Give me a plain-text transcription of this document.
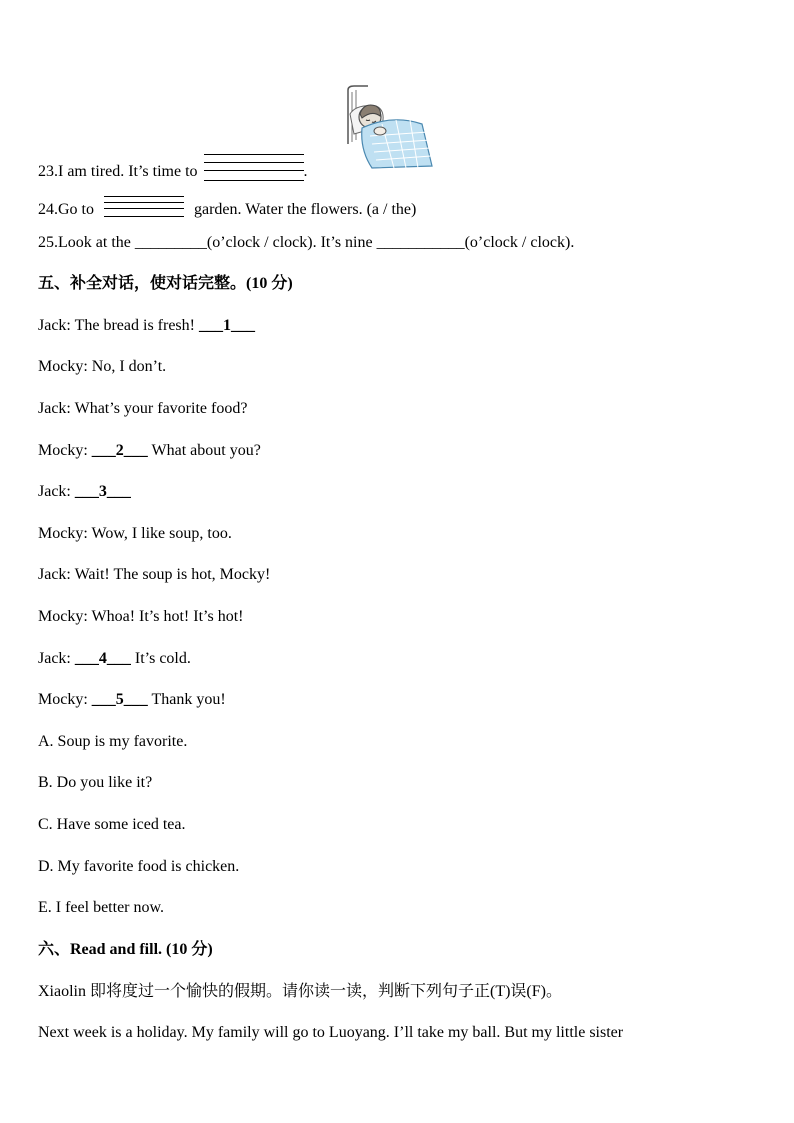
23.I am tired. It’s time to	.
24.Go to	garden. Water the flowers. (a / the)
25.Look at the _________(o’clock / clock). It’s nine ___________(o’clock / clock).
五、补全对话，使对话完整。(10 分)
Jack: The bread is fresh! ___1___
Mocky: No, I don’t.
Jack: What’s your favorite food?
Mocky: ___2___ What about you?
Jack: ___3___
Mocky: Wow, I like soup, too.
Jack: Wait! The soup is hot, Mocky!
Mocky: Whoa! It’s hot! It’s hot!
Jack: ___4___ It’s cold.
Mocky: ___5___ Thank you!
A. Soup is my favorite.
B. Do you like it?
C. Have some iced tea.
D. My favorite food is chicken.
E. I feel better now.
六、Read and fill. (10 分)
Xiaolin 即将度过一个愉快的假期。请你读一读，判断下列句子正(T)误(F)。
Next week is a holiday. My family will go to Luoyang. I’ll take my ball. But my little sister
